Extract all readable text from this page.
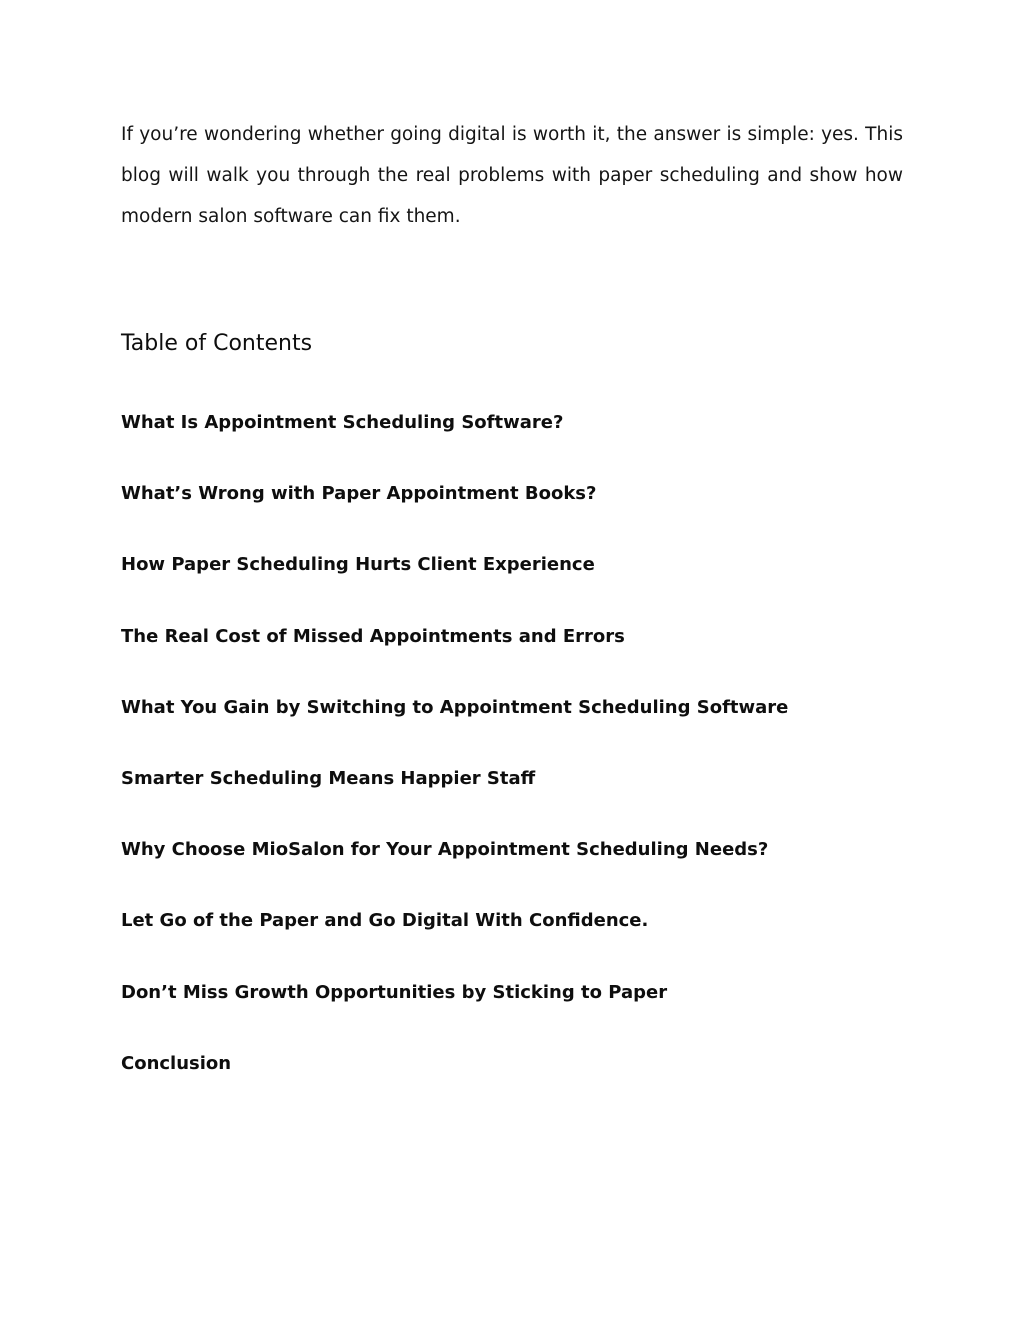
If you’re wondering whether going digital is worth it, the answer is simple: yes. This blog will walk you through the real problems with paper scheduling and show how modern salon software can fix them.

Table of Contents
What Is Appointment Scheduling Software?
What’s Wrong with Paper Appointment Books?
How Paper Scheduling Hurts Client Experience
The Real Cost of Missed Appointments and Errors
What You Gain by Switching to Appointment Scheduling Software
Smarter Scheduling Means Happier Staff
Why Choose MioSalon for Your Appointment Scheduling Needs?
Let Go of the Paper and Go Digital With Confidence.
Don’t Miss Growth Opportunities by Sticking to Paper
Conclusion
